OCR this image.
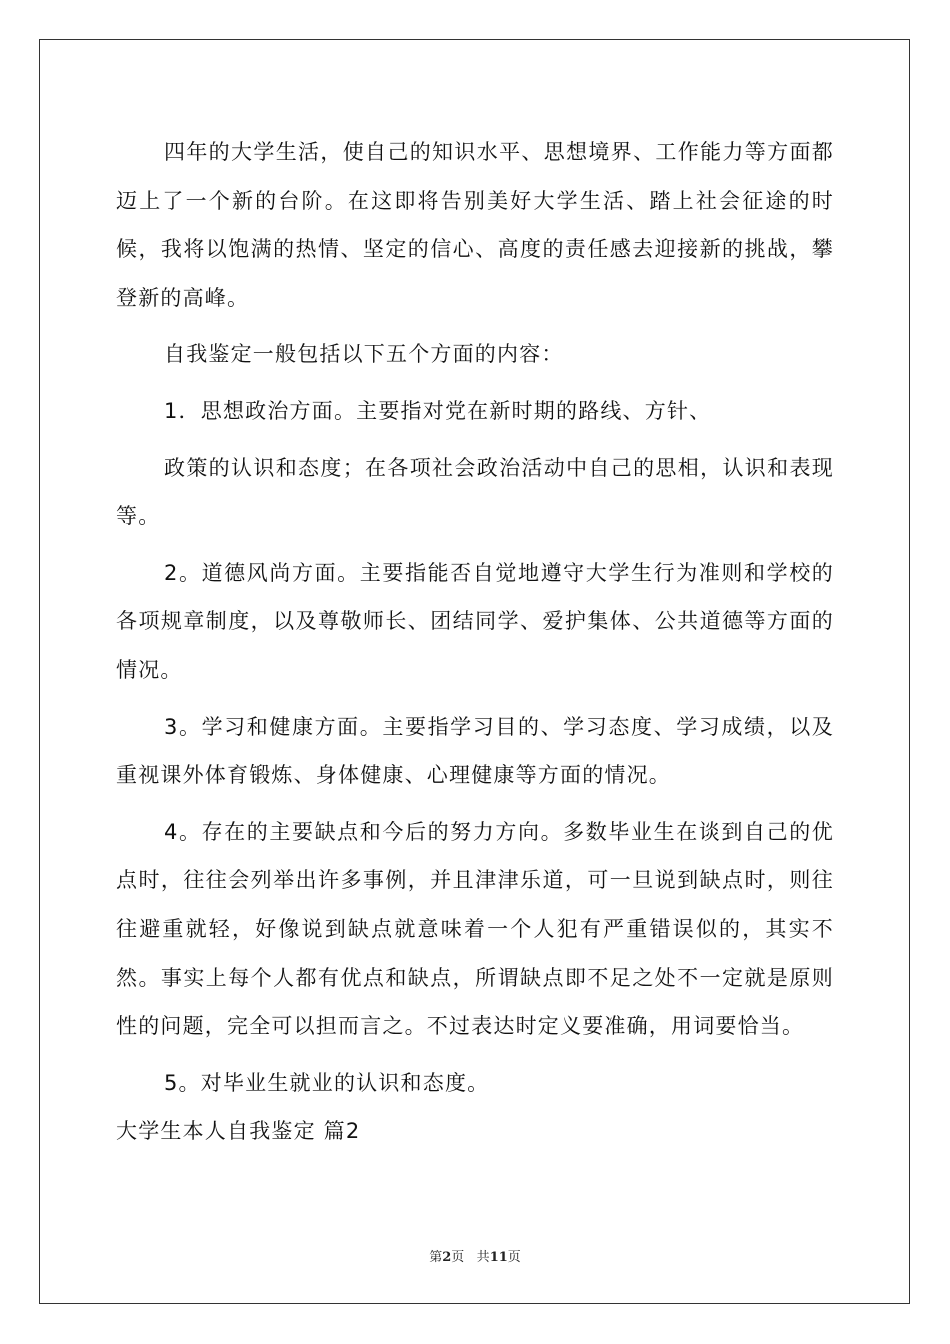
四年的大学生活，使自己的知识水平、思想境界、工作能力等方面都迈上了一个新的台阶。在这即将告别美好大学生活、踏上社会征途的时候，我将以饱满的热情、坚定的信心、高度的责任感去迎接新的挑战，攀登新的高峰。

自我鉴定一般包括以下五个方面的内容：

1．思想政治方面。主要指对党在新时期的路线、方针、

政策的认识和态度；在各项社会政治活动中自己的思相，认识和表现等。

2。道德风尚方面。主要指能否自觉地遵守大学生行为准则和学校的各项规章制度，以及尊敬师长、团结同学、爱护集体、公共道德等方面的情况。

3。学习和健康方面。主要指学习目的、学习态度、学习成绩，以及重视课外体育锻炼、身体健康、心理健康等方面的情况。

4。存在的主要缺点和今后的努力方向。多数毕业生在谈到自己的优点时，往往会列举出许多事例，并且津津乐道，可一旦说到缺点时，则往往避重就轻，好像说到缺点就意味着一个人犯有严重错误似的，其实不然。事实上每个人都有优点和缺点，所谓缺点即不足之处不一定就是原则性的问题，完全可以担而言之。不过表达时定义要准确，用词要恰当。

5。对毕业生就业的认识和态度。

大学生本人自我鉴定 篇2

第2页 共11页
